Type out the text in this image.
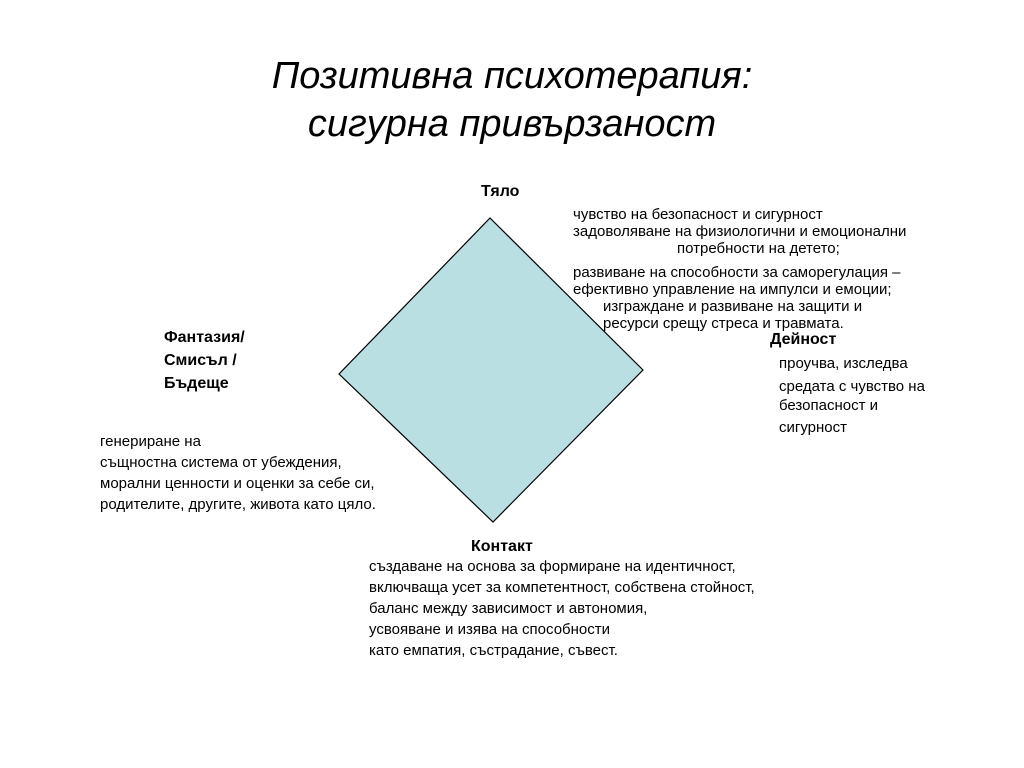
Позитивна психотерапия:
сигурна привързаност
Тяло
чувство на безопасност и сигурност
задоволяване на физиологични и емоционални
потребности на детето;
развиване на способности за саморегулация –
ефективно управление на импулси и емоции;
изграждане и развиване на защити и
ресурси срещу стреса и травмата.
Фантазия/
Смисъл /
Бъдеще
генериране на
същностна система от убеждения,
морални ценности и оценки за себе си,
родителите, другите, живота като цяло.
Дейност
проучва, изследва
средата с чувство на
безопасност и
сигурност
Контакт
създаване на основа за формиране на идентичност,
включваща усет за компетентност, собствена стойност,
баланс между зависимост и автономия,
усвояване и изява на способности
като емпатия, състрадание, съвест.
